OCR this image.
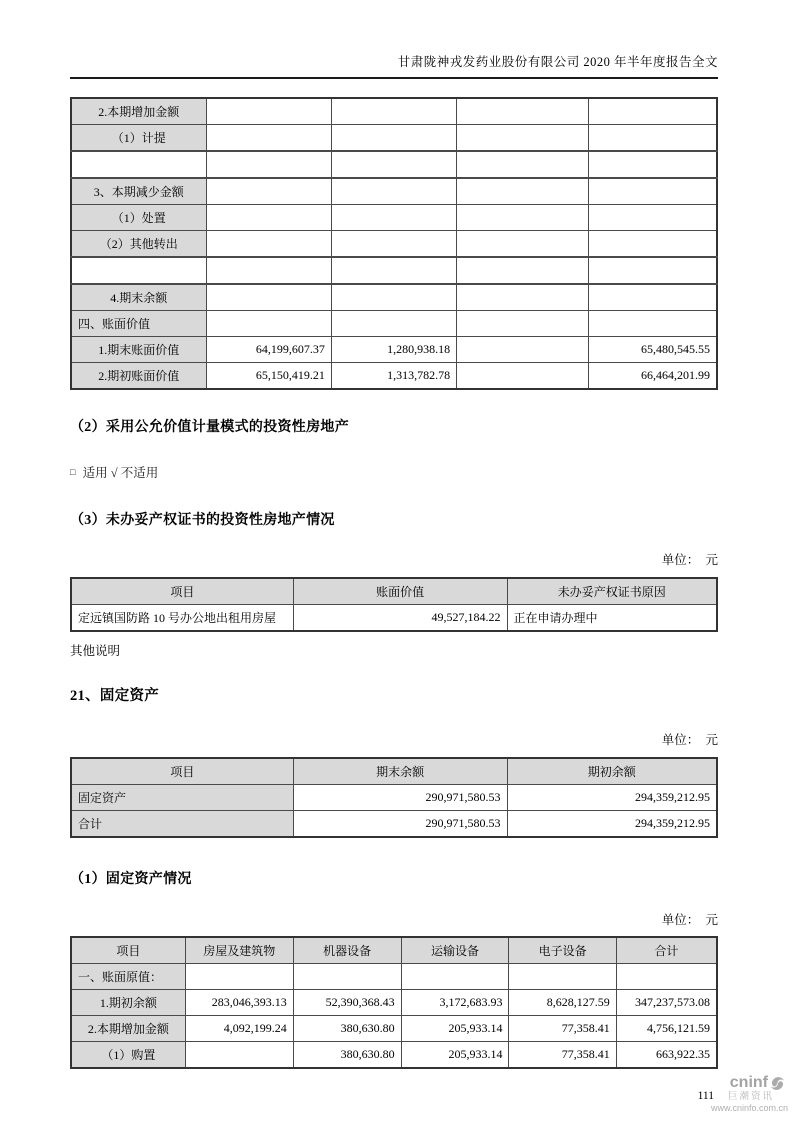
甘肃陇神戎发药业股份有限公司 2020 年半年度报告全文
2.本期增加金额				
（1）计提				

3、本期减少金额				
（1）处置				
（2）其他转出				

4.期末余额				
四、账面价值				
1.期末账面价值	64,199,607.37	1,280,938.18		65,480,545.55
2.期初账面价值	65,150,419.21	1,313,782.78		66,464,201.99
（2）采用公允价值计量模式的投资性房地产
□ 适用 √ 不适用
（3）未办妥产权证书的投资性房地产情况
单位：　元
项目	账面价值	未办妥产权证书原因
定远镇国防路 10 号办公地出租用房屋	49,527,184.22	正在申请办理中
其他说明
21、固定资产
单位：　元
项目	期末余额	期初余额
固定资产	290,971,580.53	294,359,212.95
合计	290,971,580.53	294,359,212.95
（1）固定资产情况
单位：　元
项目	房屋及建筑物	机器设备	运输设备	电子设备	合计
一、账面原值：					
1.期初余额	283,046,393.13	52,390,368.43	3,172,683.93	8,628,127.59	347,237,573.08
2.本期增加金额	4,092,199.24	380,630.80	205,933.14	77,358.41	4,756,121.59
（1）购置		380,630.80	205,933.14	77,358.41	663,922.35
111
cninf
巨潮资讯
www.cninfo.com.cn
